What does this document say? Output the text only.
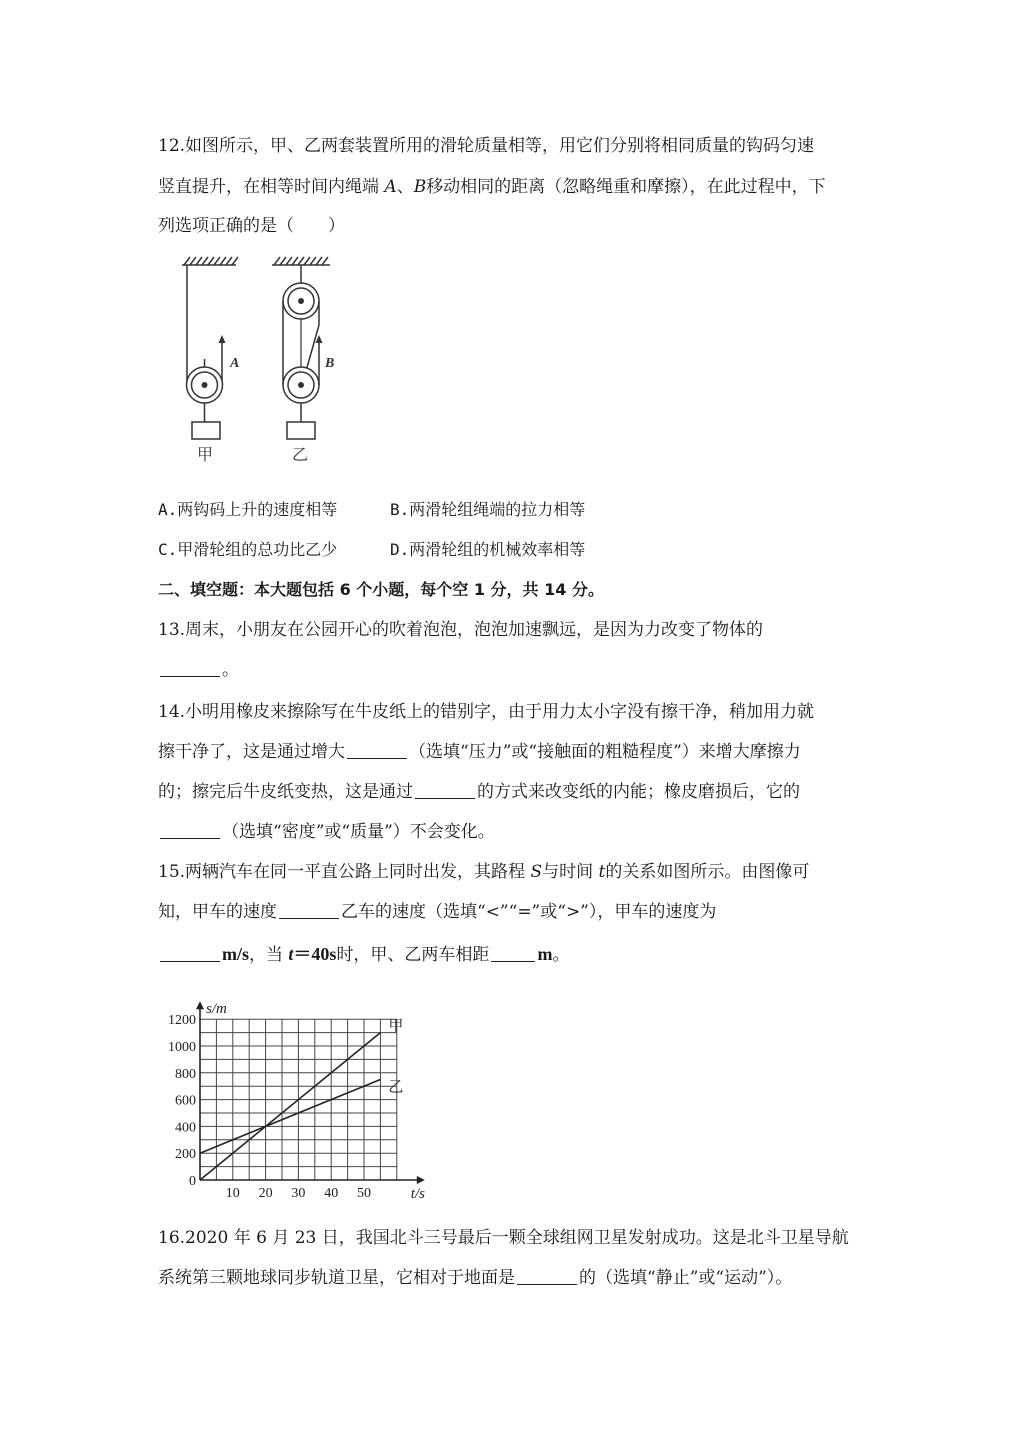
12.如图所示，甲、乙两套装置所用的滑轮质量相等，用它们分别将相同质量的钩码匀速
竖直提升，在相等时间内绳端 A、B移动相同的距离（忽略绳重和摩擦），在此过程中，下
列选项正确的是（　　）
A
甲
B
乙
A.两钩码上升的速度相等	B.两滑轮组绳端的拉力相等
C.甲滑轮组的总功比乙少	D.两滑轮组的机械效率相等
二、填空题：本大题包括 6 个小题，每个空 1 分，共 14 分。
13.周末，小朋友在公园开心的吹着泡泡，泡泡加速飘远，是因为力改变了物体的
。
14.小明用橡皮来擦除写在牛皮纸上的错别字，由于用力太小字没有擦干净，稍加用力就
擦干净了，这是通过增大	（选填“压力”或“接触面的粗糙程度”）来增大摩擦力
的；擦完后牛皮纸变热，这是通过	的方式来改变纸的内能；橡皮磨损后，它的
（选填“密度”或“质量”）不会变化。
15.两辆汽车在同一平直公路上同时出发，其路程 S与时间 t的关系如图所示。由图像可
知，甲车的速度	乙车的速度（选填“<”“=”或“>”），甲车的速度为
m/s，当 t＝40s时，甲、乙两车相距	m。
s/m
t/s
10 20 30 40 50
0
200
400
600
800
1000
1200	甲
乙
16.2020 年 6 月 23 日，我国北斗三号最后一颗全球组网卫星发射成功。这是北斗卫星导航
系统第三颗地球同步轨道卫星，它相对于地面是	的（选填“静止”或“运动”）。
